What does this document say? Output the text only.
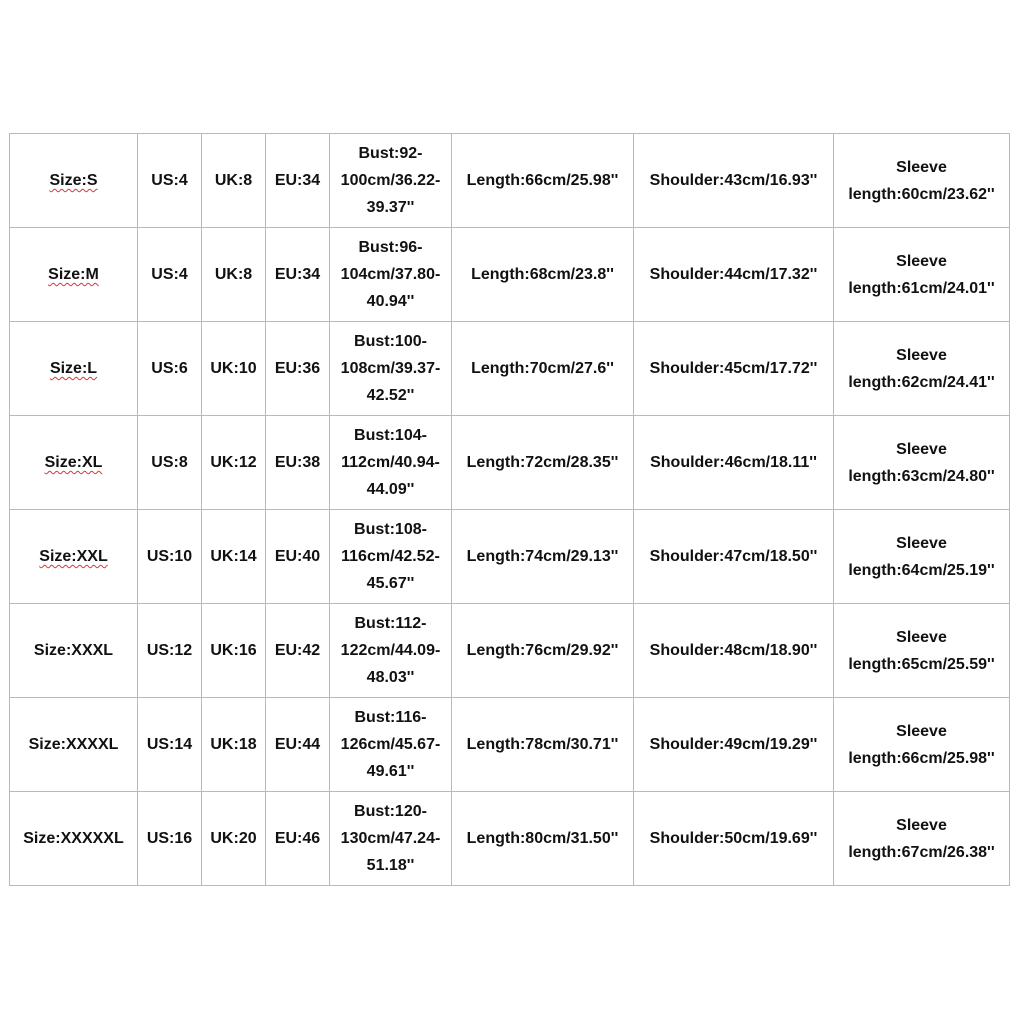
Size:S	US:4	UK:8	EU:34	Bust:92-
100cm/36.22-
39.37''	Length:66cm/25.98''	Shoulder:43cm/16.93''	Sleeve
length:60cm/23.62''
Size:M	US:4	UK:8	EU:34	Bust:96-
104cm/37.80-
40.94''	Length:68cm/23.8''	Shoulder:44cm/17.32''	Sleeve
length:61cm/24.01''
Size:L	US:6	UK:10	EU:36	Bust:100-
108cm/39.37-
42.52''	Length:70cm/27.6''	Shoulder:45cm/17.72''	Sleeve
length:62cm/24.41''
Size:XL	US:8	UK:12	EU:38	Bust:104-
112cm/40.94-
44.09''	Length:72cm/28.35''	Shoulder:46cm/18.11''	Sleeve
length:63cm/24.80''
Size:XXL	US:10	UK:14	EU:40	Bust:108-
116cm/42.52-
45.67''	Length:74cm/29.13''	Shoulder:47cm/18.50''	Sleeve
length:64cm/25.19''
Size:XXXL	US:12	UK:16	EU:42	Bust:112-
122cm/44.09-
48.03''	Length:76cm/29.92''	Shoulder:48cm/18.90''	Sleeve
length:65cm/25.59''
Size:XXXXL	US:14	UK:18	EU:44	Bust:116-
126cm/45.67-
49.61''	Length:78cm/30.71''	Shoulder:49cm/19.29''	Sleeve
length:66cm/25.98''
Size:XXXXXL	US:16	UK:20	EU:46	Bust:120-
130cm/47.24-
51.18''	Length:80cm/31.50''	Shoulder:50cm/19.69''	Sleeve
length:67cm/26.38''
